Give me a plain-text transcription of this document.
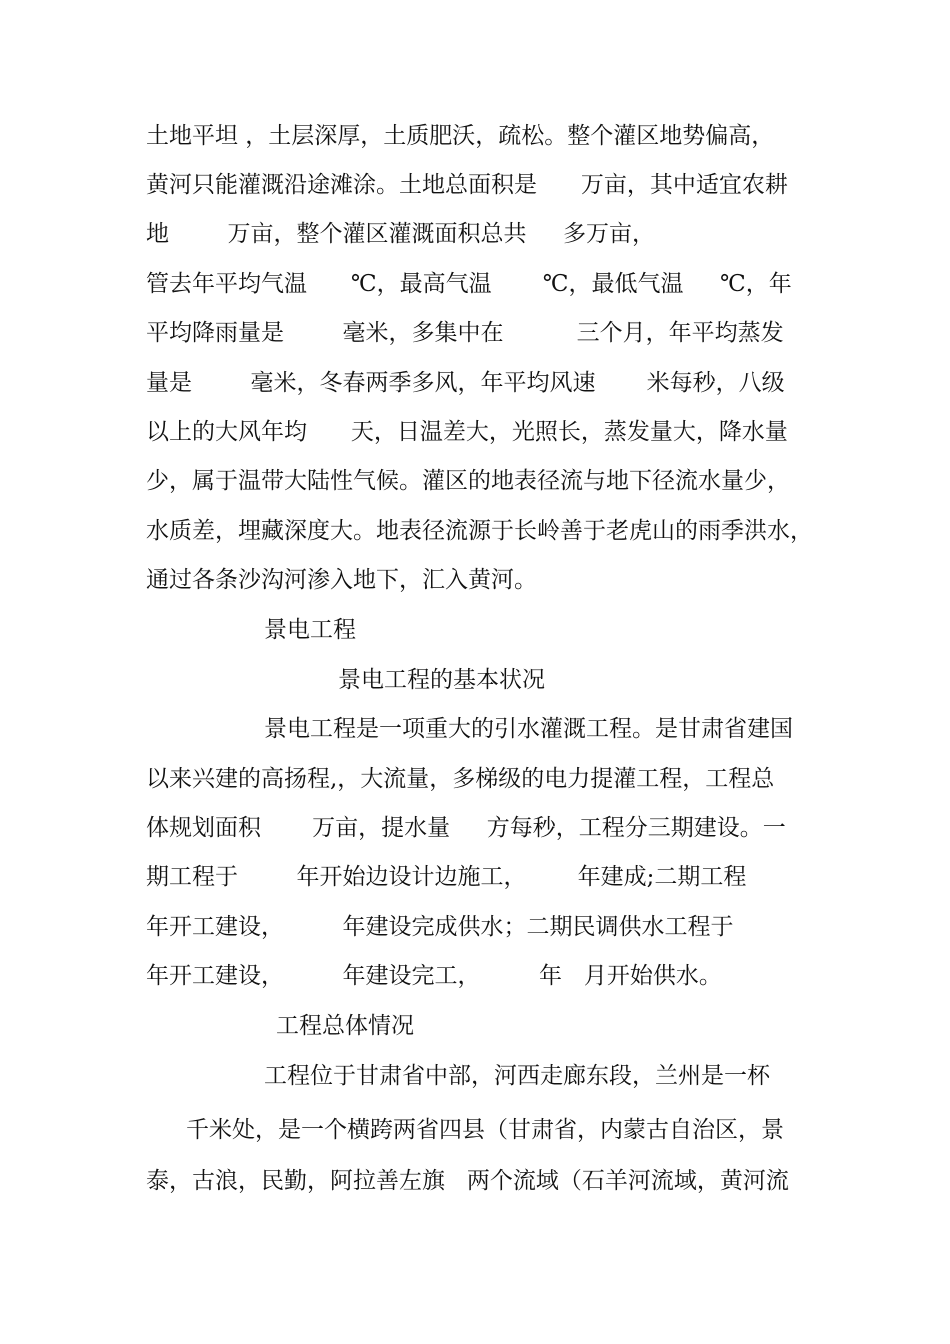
土地平坦 ，土层深厚，土质肥沃，疏松。整个灌区地势偏高，
黄河只能灌溉沿途滩涂。土地总面积是      万亩，其中适宜农耕
地        万亩，整个灌区灌溉面积总共     多万亩，
管去年平均气温      ℃，最高气温       ℃，最低气温     ℃，年
平均降雨量是        毫米，多集中在          三个月，年平均蒸发
量是        毫米，冬春两季多风，年平均风速       米每秒，八级
以上的大风年均      天，日温差大，光照长，蒸发量大，降水量
少，属于温带大陆性气候。灌区的地表径流与地下径流水量少，
水质差，埋藏深度大。地表径流源于长岭善于老虎山的雨季洪水，
通过各条沙沟河渗入地下，汇入黄河。
景电工程
景电工程的基本状况
景电工程是一项重大的引水灌溉工程。是甘肃省建国
以来兴建的高扬程,，大流量，多梯级的电力提灌工程，工程总
体规划面积       万亩，提水量     方每秒，工程分三期建设。一
期工程于        年开始边设计边施工，       年建成;二期工程
年开工建设，        年建设完成供水；二期民调供水工程于
年开工建设，        年建设完工，        年   月开始供水。
工程总体情况
工程位于甘肃省中部，河西走廊东段，兰州是一杯
千米处，是一个横跨两省四县（甘肃省，内蒙古自治区，景
泰，古浪，民勤，阿拉善左旗   两个流域（石羊河流域，黄河流
